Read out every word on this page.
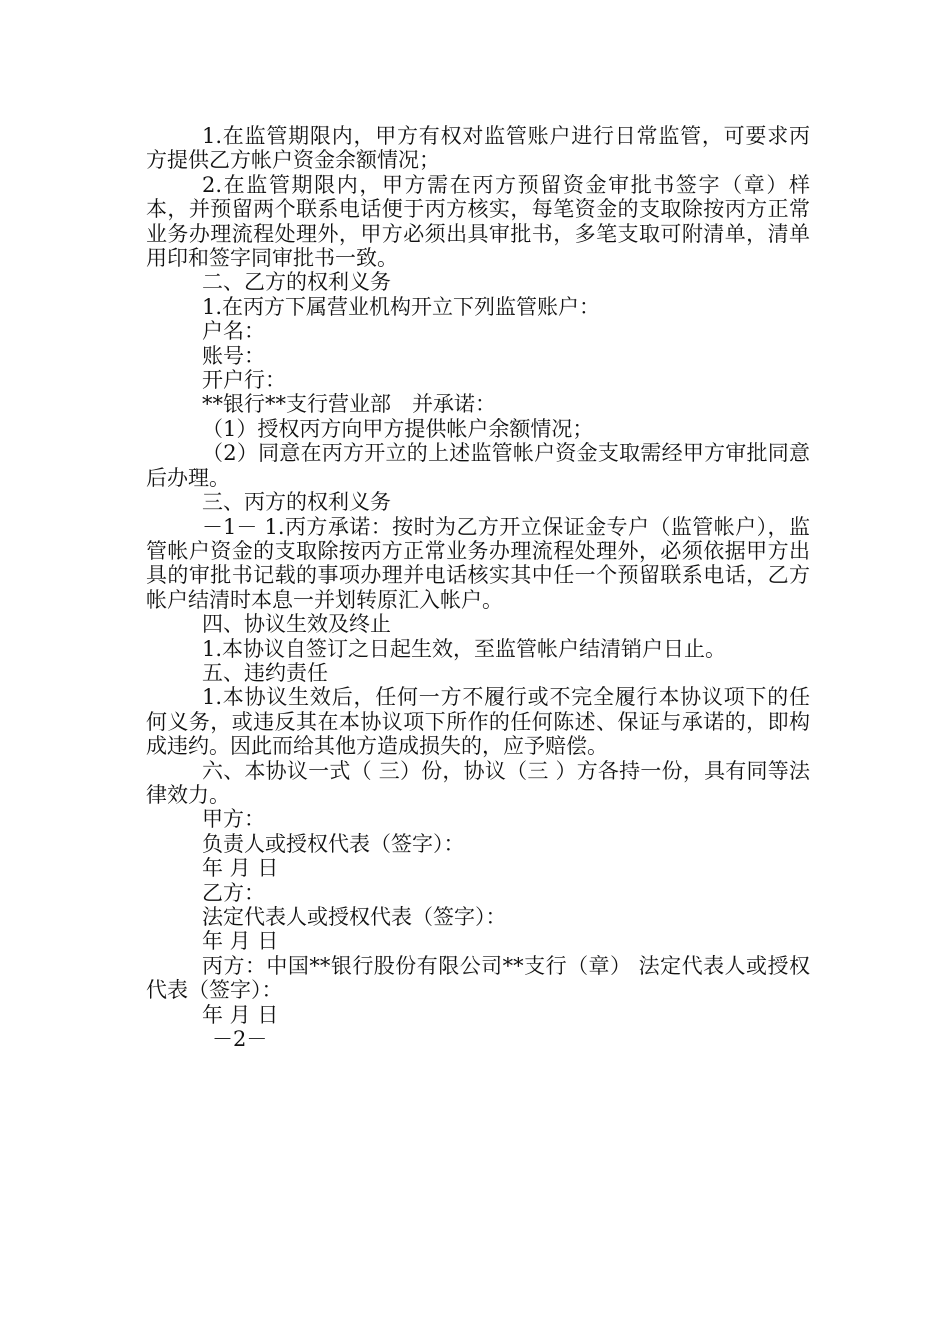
1.在监管期限内，甲方有权对监管账户进行日常监管，可要求丙方提供乙方帐户资金余额情况；

2.在监管期限内，甲方需在丙方预留资金审批书签字（章）样本，并预留两个联系电话便于丙方核实，每笔资金的支取除按丙方正常业务办理流程处理外，甲方必须出具审批书，多笔支取可附清单，清单用印和签字同审批书一致。

二、乙方的权利义务

1.在丙方下属营业机构开立下列监管账户：

户名：

账号：

开户行：

**银行**支行营业部　并承诺：

（1）授权丙方向甲方提供帐户余额情况；

（2）同意在丙方开立的上述监管帐户资金支取需经甲方审批同意后办理。

三、丙方的权利义务

－1－ 1.丙方承诺：按时为乙方开立保证金专户（监管帐户），监管帐户资金的支取除按丙方正常业务办理流程处理外，必须依据甲方出具的审批书记载的事项办理并电话核实其中任一个预留联系电话，乙方帐户结清时本息一并划转原汇入帐户。

四、协议生效及终止

1.本协议自签订之日起生效，至监管帐户结清销户日止。

五、违约责任

1.本协议生效后，任何一方不履行或不完全履行本协议项下的任何义务，或违反其在本协议项下所作的任何陈述、保证与承诺的，即构成违约。因此而给其他方造成损失的，应予赔偿。

六、本协议一式（ 三）份，协议（三 ）方各持一份，具有同等法律效力。

甲方：

负责人或授权代表（签字）：

年 月 日

乙方：

法定代表人或授权代表（签字）：

年 月 日

丙方：中国**银行股份有限公司**支行（章） 法定代表人或授权代表（签字）：

年 月 日

－2－
